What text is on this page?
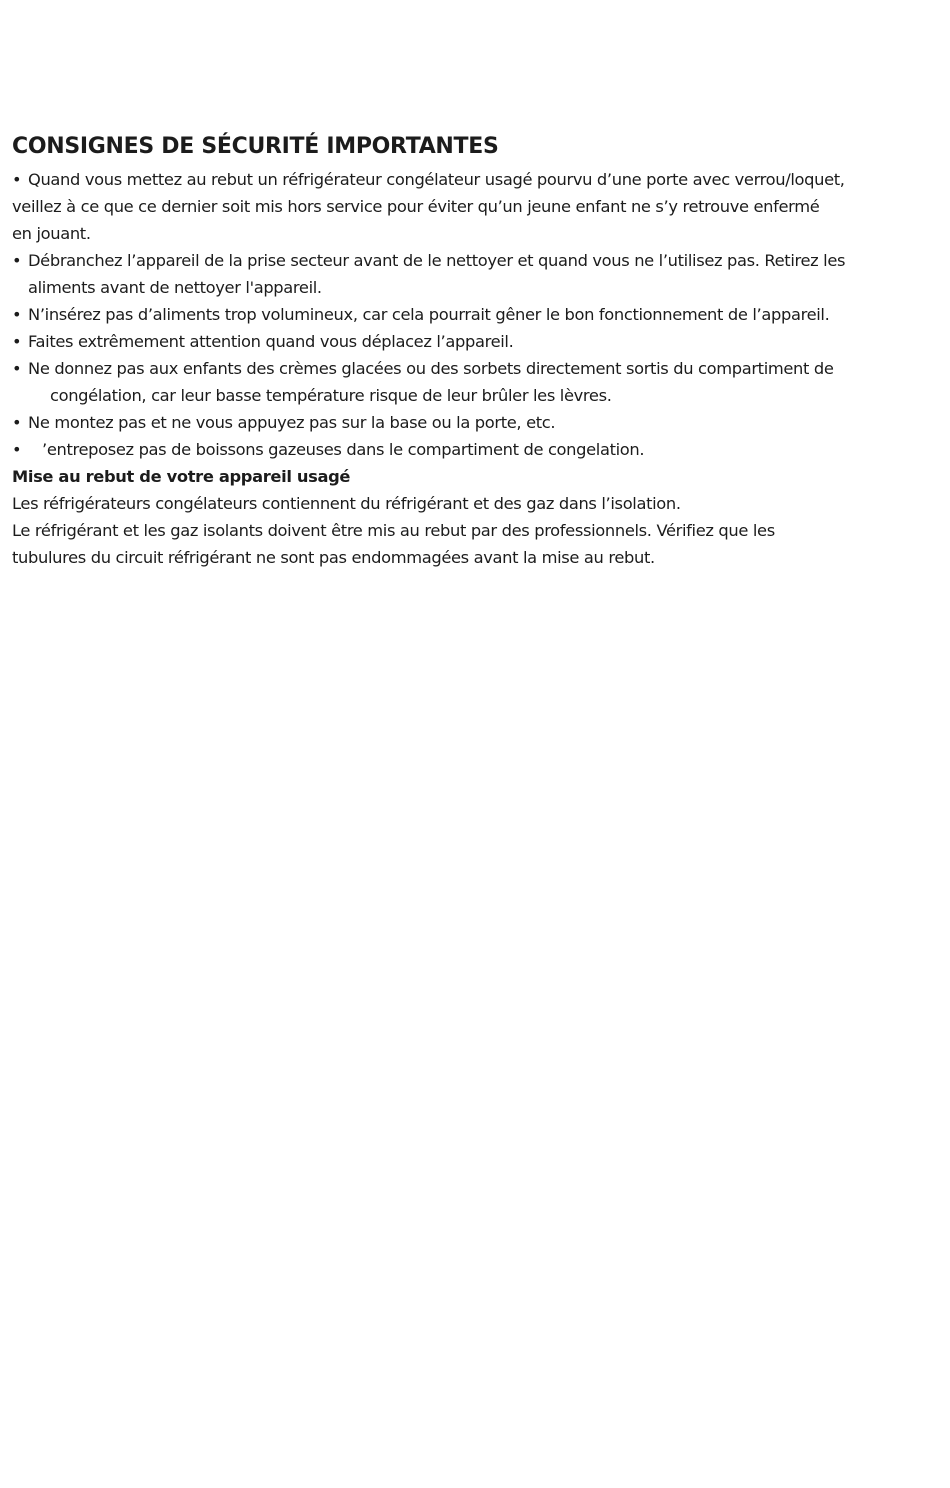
CONSIGNES DE SÉCURITÉ IMPORTANTES
• Quand vous mettez au rebut un réfrigérateur congélateur usagé pourvu d’une porte avec verrou/loquet,
veillez à ce que ce dernier soit mis hors service pour éviter qu’un jeune enfant ne s’y retrouve enfermé
en jouant.
• Débranchez l’appareil de la prise secteur avant de le nettoyer et quand vous ne l’utilisez pas. Retirez les
aliments avant de nettoyer l'appareil.
• N’insérez pas d’aliments trop volumineux, car cela pourrait gêner le bon fonctionnement de l’appareil.
• Faites extrêmement attention quand vous déplacez l’appareil.
• Ne donnez pas aux enfants des crèmes glacées ou des sorbets directement sortis du compartiment de
congélation, car leur basse température risque de leur brûler les lèvres.
• Ne montez pas et ne vous appuyez pas sur la base ou la porte, etc.
•	’entreposez pas de boissons gazeuses dans le compartiment de congelation.
Mise au rebut de votre appareil usagé
Les réfrigérateurs congélateurs contiennent du réfrigérant et des gaz dans l’isolation.
Le réfrigérant et les gaz isolants doivent être mis au rebut par des professionnels. Vérifiez que les
tubulures du circuit réfrigérant ne sont pas endommagées avant la mise au rebut.
